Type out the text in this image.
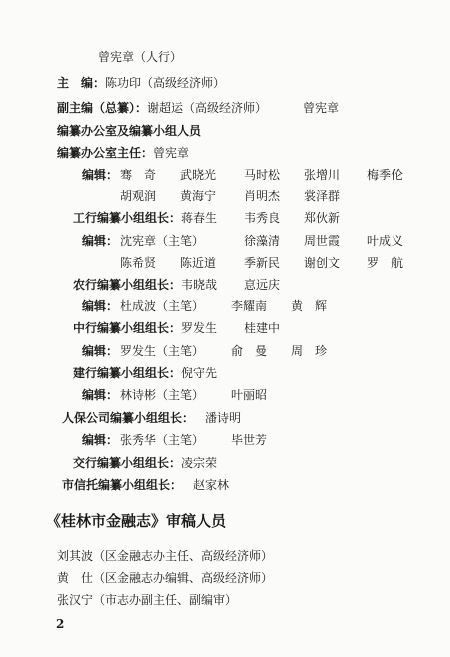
曾宪章（人行）
主　编：陈功印（高级经济师）
副主编（总纂）：谢超运（高级经济师）	曾宪章
编纂办公室及编纂小组人员
编纂办公室主任：曾宪章
编辑： 骞　奇 武晓光 马时松 张增川 梅季伦
胡观润 黄海宁 肖明杰 裳泽群
工行编纂小组组长： 蒋春生 韦秀良 郑伙新
编辑： 沈宪章（主笔）	徐藻清 周世霞 叶成义
陈希贤 陈近道 季新民 谢创文 罗　航
农行编纂小组组长： 韦晓哉 恴远庆
编辑： 杜成波（主笔） 李耀南 黄　辉
中行编纂小组组长： 罗发生 桂建中
编辑： 罗发生（主笔） 俞　曼 周　珍
建行编纂小组组长： 倪守先
编辑： 林诗彬（主笔） 叶丽昭
人保公司编纂小组组长： 潘诗明
编辑： 张秀华（主笔） 毕世芳
交行编纂小组组长： 凌宗荣
市信托编纂小组组长： 赵家林
《桂林市金融志》审稿人员
刘其波（区金融志办主任、高级经济师）
黄　仕（区金融志办编辑、高级经济师）
张汉宁（市志办副主任、副编审）
2
